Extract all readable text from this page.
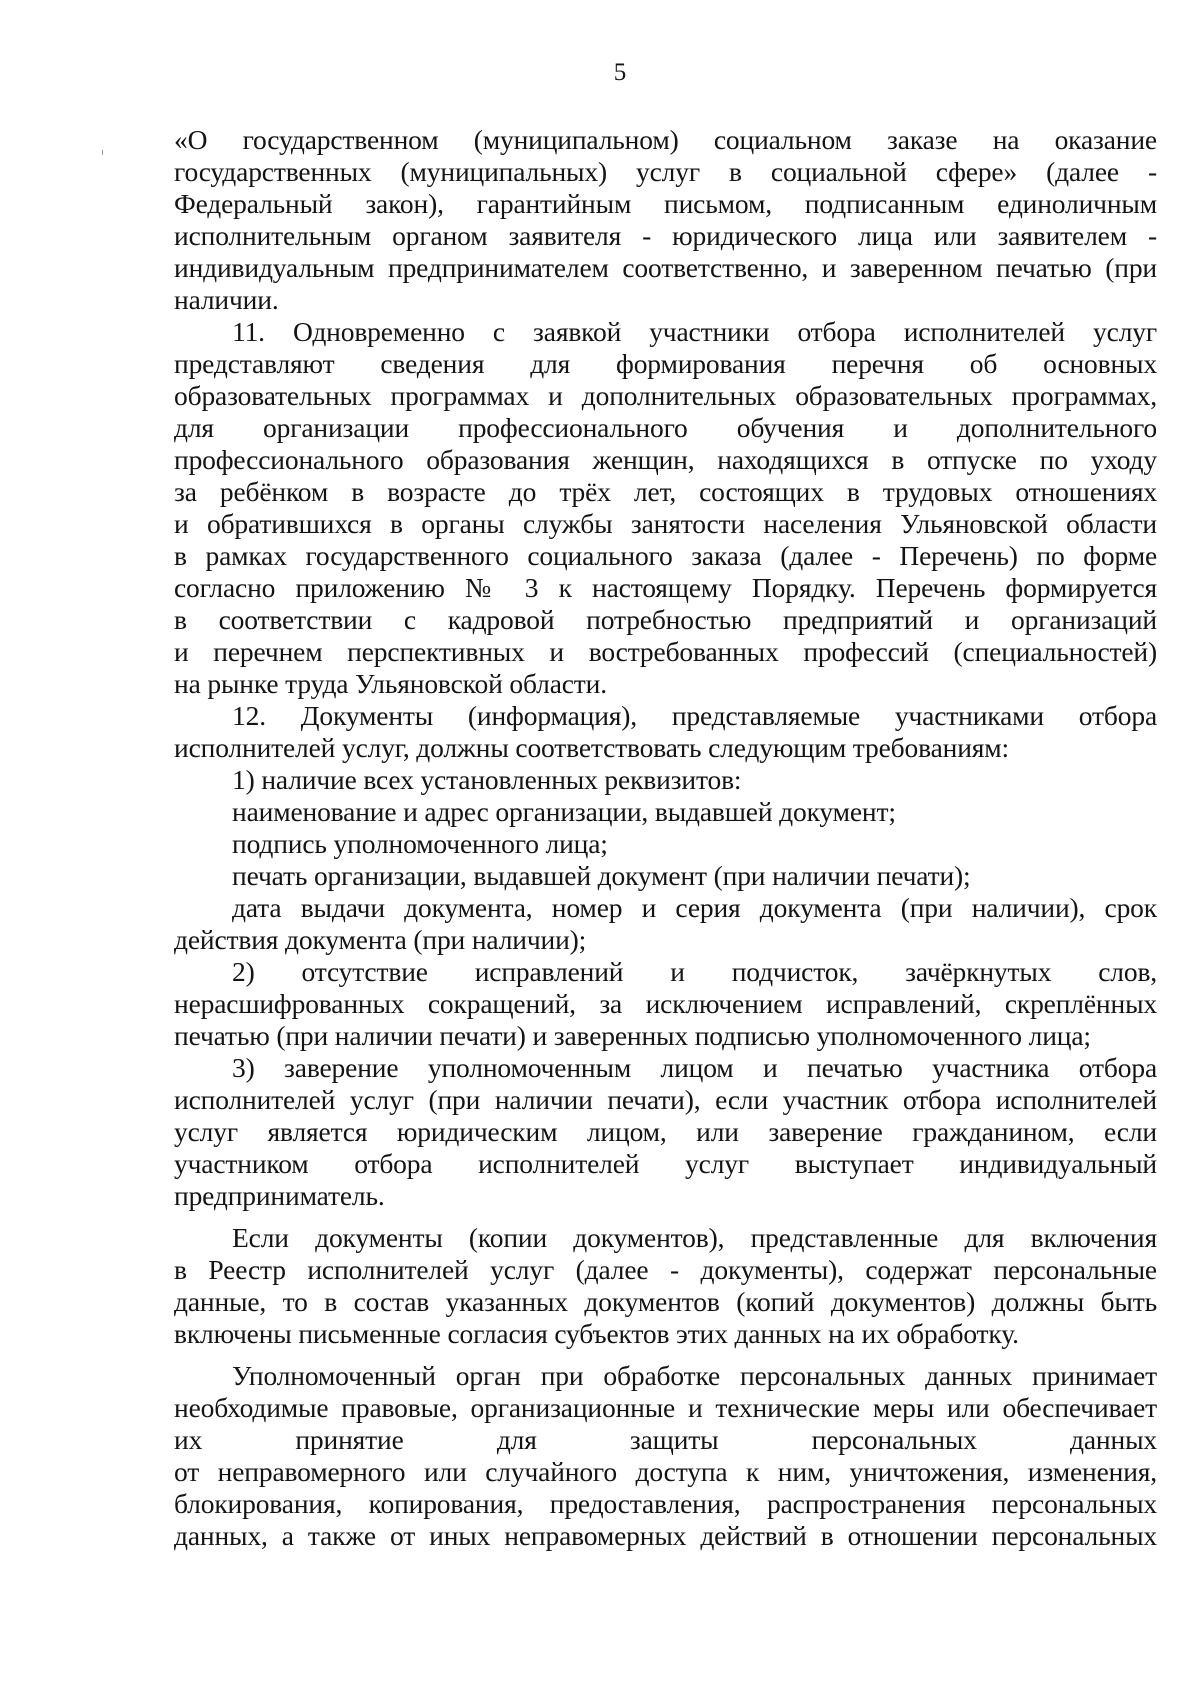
5
«О государственном (муниципальном) социальном заказе на оказание
государственных (муниципальных) услуг в социальной сфере» (далее -
Федеральный закон), гарантийным письмом, подписанным единоличным
исполнительным органом заявителя - юридического лица или заявителем -
индивидуальным предпринимателем соответственно, и заверенном печатью (при
наличии.
11. Одновременно с заявкой участники отбора исполнителей услуг
представляют сведения для формирования перечня об основных
образовательных программах и дополнительных образовательных программах,
для организации профессионального обучения и дополнительного
профессионального образования женщин, находящихся в отпуске по уходу
за ребёнком в возрасте до трёх лет, состоящих в трудовых отношениях
и обратившихся в органы службы занятости населения Ульяновской области
в рамках государственного социального заказа (далее - Перечень) по форме
согласно приложению № 3 к настоящему Порядку. Перечень формируется
в соответствии с кадровой потребностью предприятий и организаций
и перечнем перспективных и востребованных профессий (специальностей)
на рынке труда Ульяновской области.
12. Документы (информация), представляемые участниками отбора
исполнителей услуг, должны соответствовать следующим требованиям:
1) наличие всех установленных реквизитов:
наименование и адрес организации, выдавшей документ;
подпись уполномоченного лица;
печать организации, выдавшей документ (при наличии печати);
дата выдачи документа, номер и серия документа (при наличии), срок
действия документа (при наличии);
2) отсутствие исправлений и подчисток, зачёркнутых слов,
нерасшифрованных сокращений, за исключением исправлений, скреплённых
печатью (при наличии печати) и заверенных подписью уполномоченного лица;
3) заверение уполномоченным лицом и печатью участника отбора
исполнителей услуг (при наличии печати), если участник отбора исполнителей
услуг является юридическим лицом, или заверение гражданином, если
участником отбора исполнителей услуг выступает индивидуальный
предприниматель.
Если документы (копии документов), представленные для включения
в Реестр исполнителей услуг (далее - документы), содержат персональные
данные, то в состав указанных документов (копий документов) должны быть
включены письменные согласия субъектов этих данных на их обработку.
Уполномоченный орган при обработке персональных данных принимает
необходимые правовые, организационные и технические меры или обеспечивает
их принятие для защиты персональных данных
от неправомерного или случайного доступа к ним, уничтожения, изменения,
блокирования, копирования, предоставления, распространения персональных
данных, а также от иных неправомерных действий в отношении персональных
